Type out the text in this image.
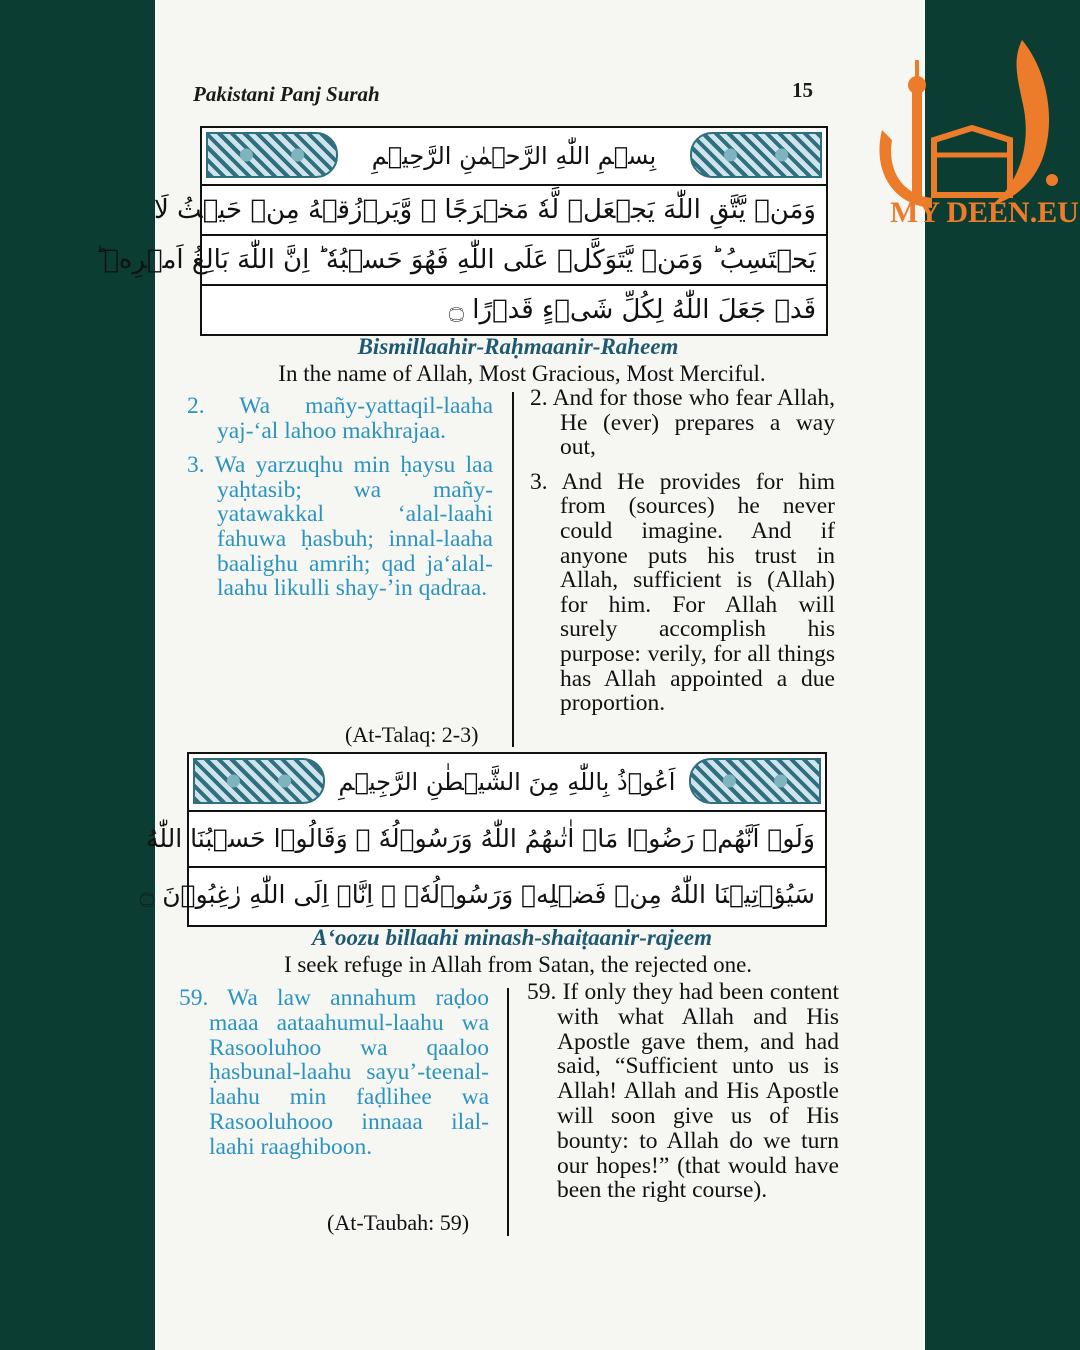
Pakistani Panj Surah	15
بِسۡمِ اللّٰهِ الرَّحۡمٰنِ الرَّحِيۡمِ
وَمَنۡ يَّتَّقِ اللّٰهَ يَجۡعَلۡ لَّهٗ مَخۡرَجًا ۙ وَّيَرۡزُقۡهُ مِنۡ حَيۡثُ لَا
يَحۡتَسِبُ ؕ وَمَنۡ يَّتَوَكَّلۡ عَلَى اللّٰهِ فَهُوَ حَسۡبُهٗ ؕ اِنَّ اللّٰهَ بَالِغُ اَمۡرِهٖ ؕ
قَدۡ جَعَلَ اللّٰهُ لِكُلِّ شَىۡءٍ قَدۡرًا ۝
Bismillaahir-Raḥmaanir-Raheem
In the name of Allah, Most Gracious, Most Merciful.

2. Wa mañy-yattaqil-laaha yaj-‘al lahoo makhrajaa.

3. Wa yarzuqhu min ḥaysu laa yaḥtasib; wa mañy-yatawakkal ‘alal-laahi fahuwa ḥasbuh; innal-laaha baalighu amrih; qad ja‘alal-laahu likulli shay-’in qadraa.

2. And for those who fear Allah, He (ever) prepares a way out,

3. And He provides for him from (sources) he never could imagine. And if anyone puts his trust in Allah, sufficient is (Allah) for him. For Allah will surely accomplish his purpose: verily, for all things has Allah appointed a due proportion.

(At-Talaq: 2-3)
اَعُوۡذُ بِاللّٰهِ مِنَ الشَّيۡطٰنِ الرَّجِيۡمِ
وَلَوۡ اَنَّهُمۡ رَضُوۡا مَاۤ اٰتٰٮهُمُ اللّٰهُ وَرَسُوۡلُهٗ ۙ وَقَالُوۡا حَسۡبُنَا اللّٰهُ
سَيُؤۡتِيۡنَا اللّٰهُ مِنۡ فَضۡلِهٖ وَرَسُوۡلُهٗۤ ۙ اِنَّاۤ اِلَى اللّٰهِ رٰغِبُوۡنَ ۝
A‘oozu billaahi minash-shaiṭaanir-rajeem
I seek refuge in Allah from Satan, the rejected one.

59. Wa law annahum raḍoo maaa aataahumul-laahu wa Rasooluhoo wa qaaloo ḥasbunal-laahu sayu’-teenal-laahu min faḍlihee wa Rasooluhooo innaaa ilal-laahi raaghiboon.

59. If only they had been content with what Allah and His Apostle gave them, and had said, “Sufficient unto us is Allah! Allah and His Apostle will soon give us of His bounty: to Allah do we turn our hopes!” (that would have been the right course).

(At-Taubah: 59)
MY DEEN.EU
